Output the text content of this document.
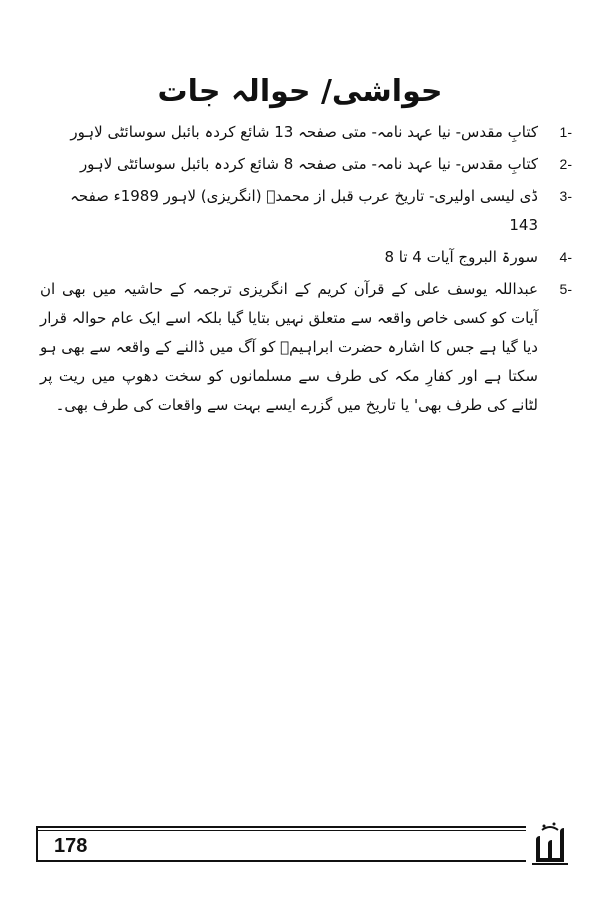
حواشی/ حوالہ جات
1-
کتابِ مقدس- نیا عہد نامہ- متی صفحہ 13 شائع کردہ بائبل سوسائٹی لاہور
2-
کتابِ مقدس- نیا عہد نامہ- متی صفحہ 8 شائع کردہ بائبل سوسائٹی لاہور
3-
ڈی لیسی اولیری- تاریخ عرب قبل از محمدؐ (انگریزی) لاہور 1989ء صفحہ 143
4-
سورۃ البروج آیات 4 تا 8
5-
عبداللہ یوسف علی کے قرآن کریم کے انگریزی ترجمہ کے حاشیہ میں بھی ان آیات کو کسی خاص واقعہ سے متعلق نہیں بتایا گیا بلکہ اسے ایک عام حوالہ قرار دیا گیا ہے جس کا اشارہ حضرت ابراہیمؑ کو آگ میں ڈالنے کے واقعہ سے بھی ہو سکتا ہے اور کفارِ مکہ کی طرف سے مسلمانوں کو سخت دھوپ میں ریت پر لٹانے کی طرف بھی' یا تاریخ میں گزرے ایسے بہت سے واقعات کی طرف بھی۔
178
